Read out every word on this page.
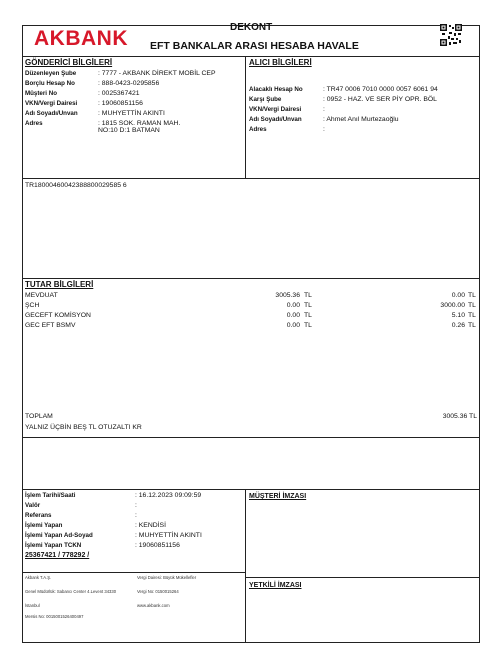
AKBANK	DEKONT
EFT BANKALAR ARASI HESABA HAVALE
GÖNDERİCİ BİLGİLERİ
Düzenleyen Şube	: 7777 - AKBANK DİREKT MOBİL CEP
Borçlu Hesap No	: 888-0423-0295856
Müşteri No	: 0025367421
VKN/Vergi Dairesi	: 19060851156
Adı Soyadı/Unvan	: MUHYETTİN AKINTI
Adres	: 1815 SOK. RAMAN MAH. NO:10 D:1 BATMAN
ALICI BİLGİLERİ
Alacaklı Hesap No	: TR47 0006 7010 0000 0057 6061 94
Karşı Şube	: 0952 - HAZ. VE SER PİY OPR. BÖL
VKN/Vergi Dairesi	:
Adı Soyadı/Unvan	: Ahmet Anıl Murtezaoğlu
Adres	:
TR18000460042388800029585 6
TUTAR BİLGİLERİ
MEVDUAT	3005.36 TL	0.00 TL
ŞCH	0.00 TL	3000.00 TL
GECEFT KOMİSYON	0.00 TL	5.10 TL
GEC EFT BSMV	0.00 TL	0.26 TL
TOPLAM	3005.36 TL
YALNIZ ÜÇBİN BEŞ TL OTUZALTI KR
İşlem Tarihi/Saati	: 16.12.2023 09:09:59
Valör	:
Referans	:
İşlemi Yapan	: KENDİSİ
İşlemi Yapan Ad-Soyad	: MUHYETTİN AKINTI
İşlemi Yapan TCKN	: 19060851156
25367421 / 778292 /
MÜŞTERİ İMZASI
YETKİLİ İMZASI
Akbank T.A.Ş.
Genel Müdürlük: Sabancı Center 4.Levent 34330
İstanbul
Mersis No: 0015001526400497
Vergi Dairesi: Büyük Mükellefler
Vergi No: 0150015264
www.akbank.com
